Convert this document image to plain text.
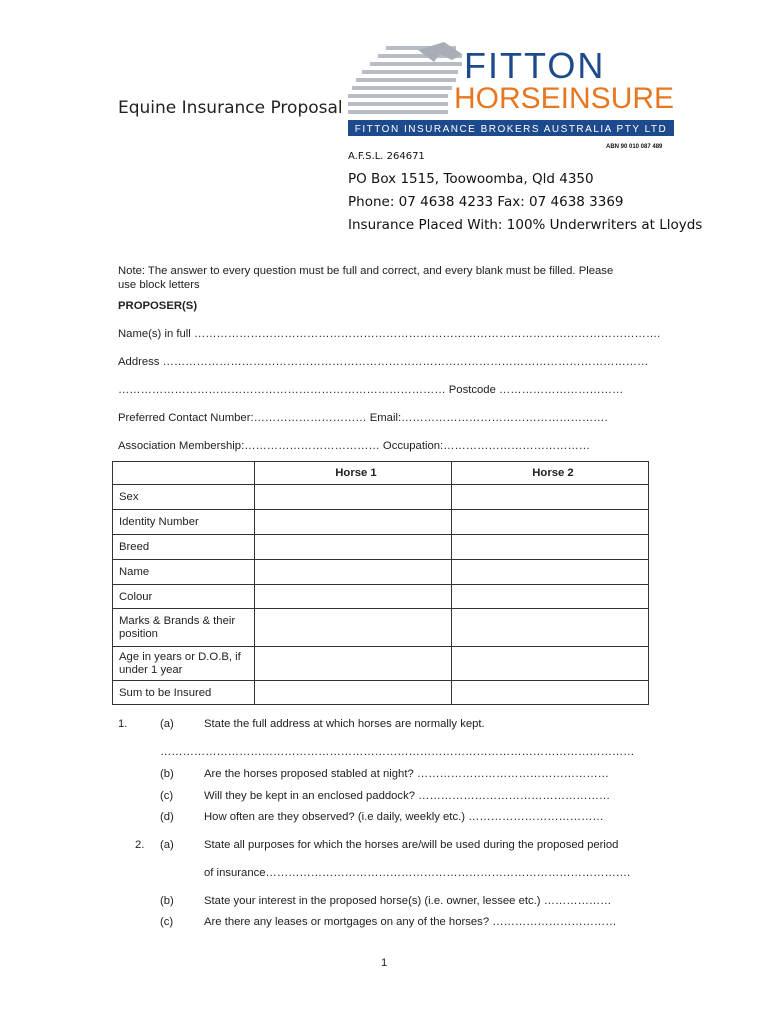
Equine Insurance Proposal
FITTON
HORSEINSURE
FITTON INSURANCE BROKERS AUSTRALIA PTY LTD
ABN 90 010 087 489
A.F.S.L. 264671
PO Box 1515, Toowoomba, Qld 4350
Phone: 07 4638 4233 Fax: 07 4638 3369
Insurance Placed With: 100% Underwriters at Lloyds
Note: The answer to every question must be full and correct, and every blank must be filled. Please
use block letters
PROPOSER(S)
Name(s) in full …………………………………………………………………………………………………………….
Address …………………………………………………………………………………………………………………
…………………………………………………………………………… Postcode ……………………………
Preferred Contact Number:………………………… Email:……………………………………………….
Association Membership:……………………………… Occupation:…………………………………
	Horse 1	Horse 2
Sex		
Identity Number		
Breed		
Name		
Colour		
Marks & Brands & their position		
Age in years or D.O.B, if under 1 year		
Sum to be Insured		
1.	(a)	State the full address at which horses are normally kept.
………………………………………………………………………………………………………………
(b)	Are the horses proposed stabled at night? ……………………………………………
(c)	Will they be kept in an enclosed paddock? ……………………………………………
(d)	How often are they observed? (i.e daily, weekly etc.) ………………………………
2. (a)	State all purposes for which the horses are/will be used during the proposed period
of insurance…………………………………………………………………………………….
(b)	State your interest in the proposed horse(s) (i.e. owner, lessee etc.) ………………
(c)	Are there any leases or mortgages on any of the horses? ……………………………
1
